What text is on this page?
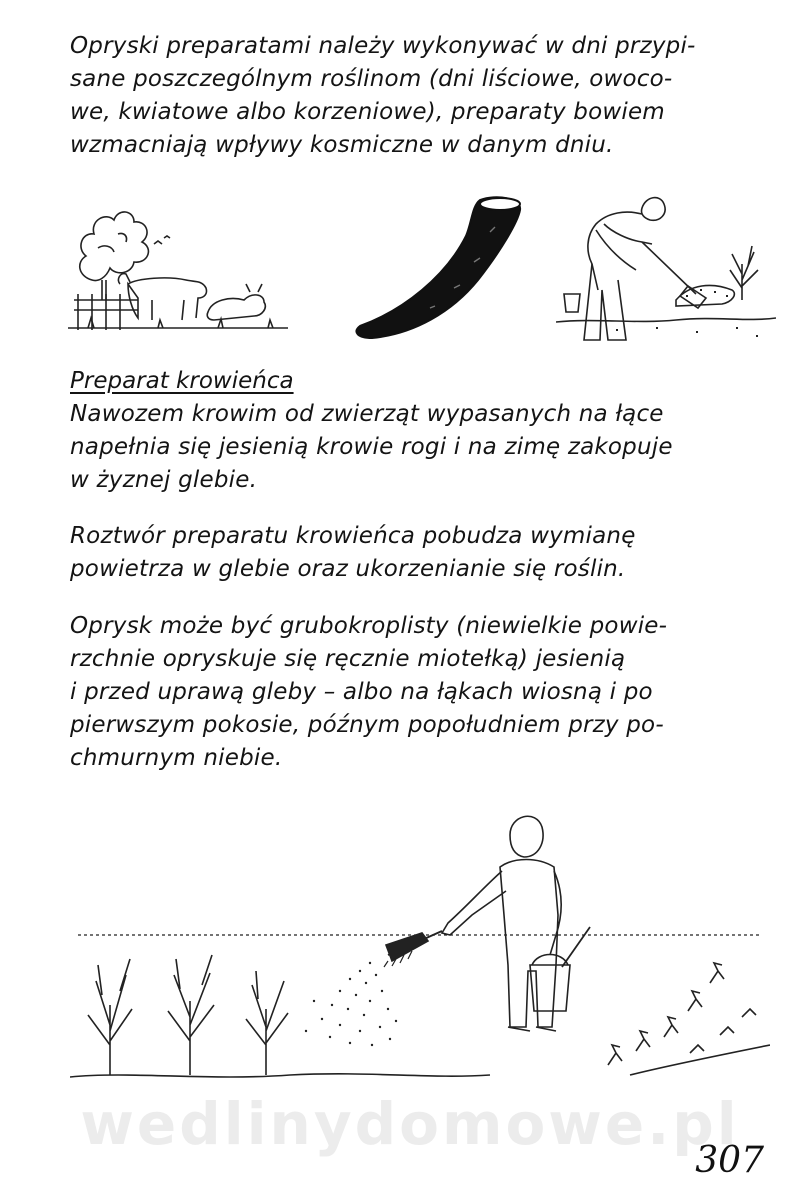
Opryski preparatami należy wykonywać w dni przypi-
sane poszczególnym roślinom (dni liściowe, owoco-
we, kwiatowe albo korzeniowe), preparaty bowiem
wzmacniają wpływy kosmiczne w danym dniu.
Preparat krowieńca
Nawozem krowim od zwierząt wypasanych na łące
napełnia się jesienią krowie rogi i na zimę zakopuje
w żyznej glebie.
Roztwór preparatu krowieńca pobudza wymianę
powietrza w glebie oraz ukorzenianie się roślin.
Oprysk może być grubokroplisty (niewielkie powie-
rzchnie opryskuje się ręcznie miotełką) jesienią
i przed uprawą gleby – albo na łąkach wiosną i po
pierwszym pokosie, późnym popołudniem przy po-
chmurnym niebie.
wedlinydomowe.pl
307
